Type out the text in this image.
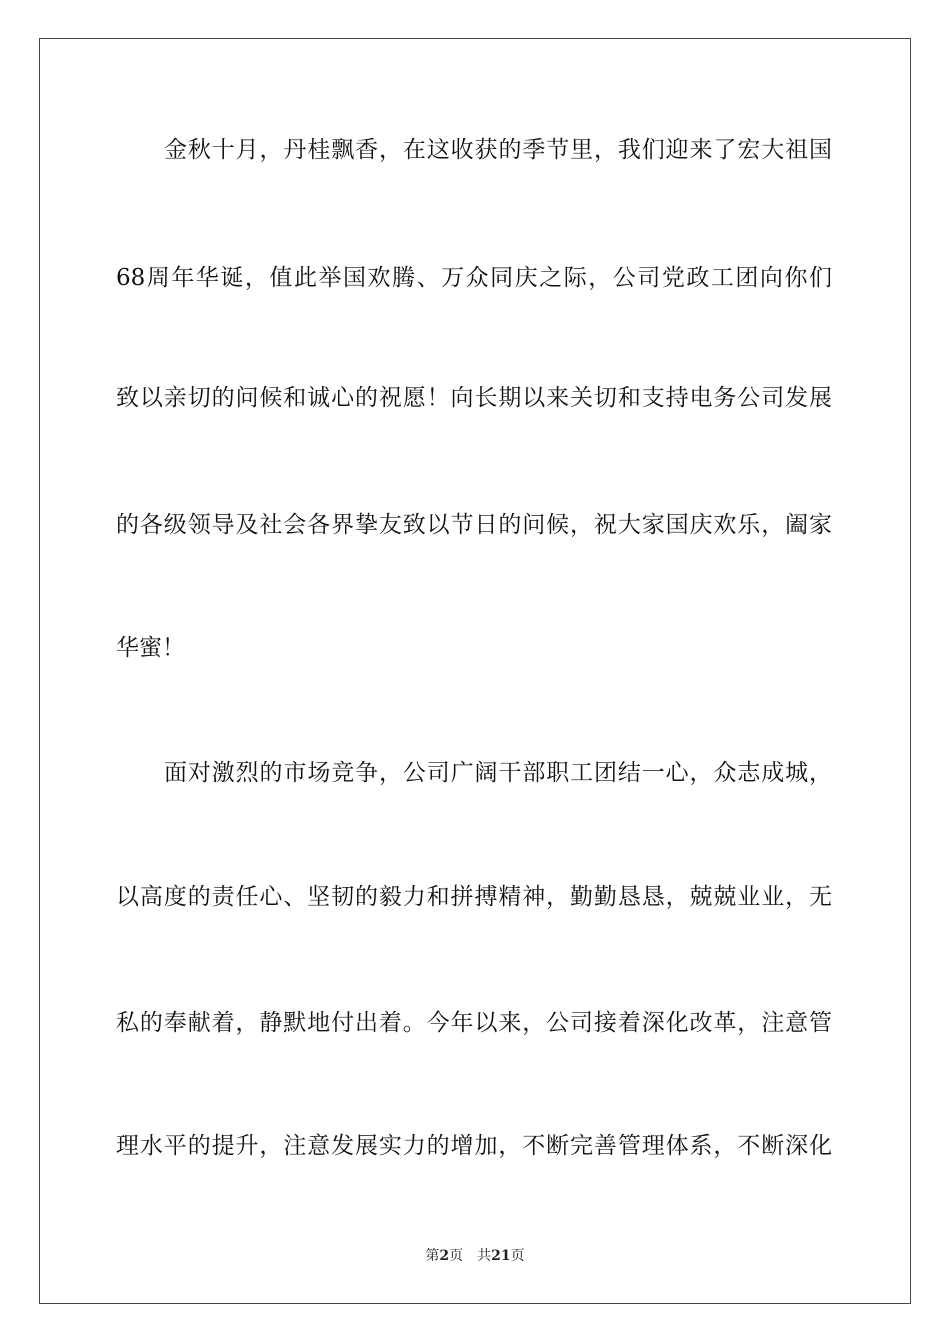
金秋十月，丹桂飘香，在这收获的季节里，我们迎来了宏大祖国
68周年华诞，值此举国欢腾、万众同庆之际，公司党政工团向你们
致以亲切的问候和诚心的祝愿！向长期以来关切和支持电务公司发展
的各级领导及社会各界挚友致以节日的问候，祝大家国庆欢乐，阖家
华蜜！
面对激烈的市场竞争，公司广阔干部职工团结一心，众志成城，
以高度的责任心、坚韧的毅力和拼搏精神，勤勤恳恳，兢兢业业，无
私的奉献着，静默地付出着。今年以来，公司接着深化改革，注意管
理水平的提升，注意发展实力的增加，不断完善管理体系，不断深化
第2页 共21页
